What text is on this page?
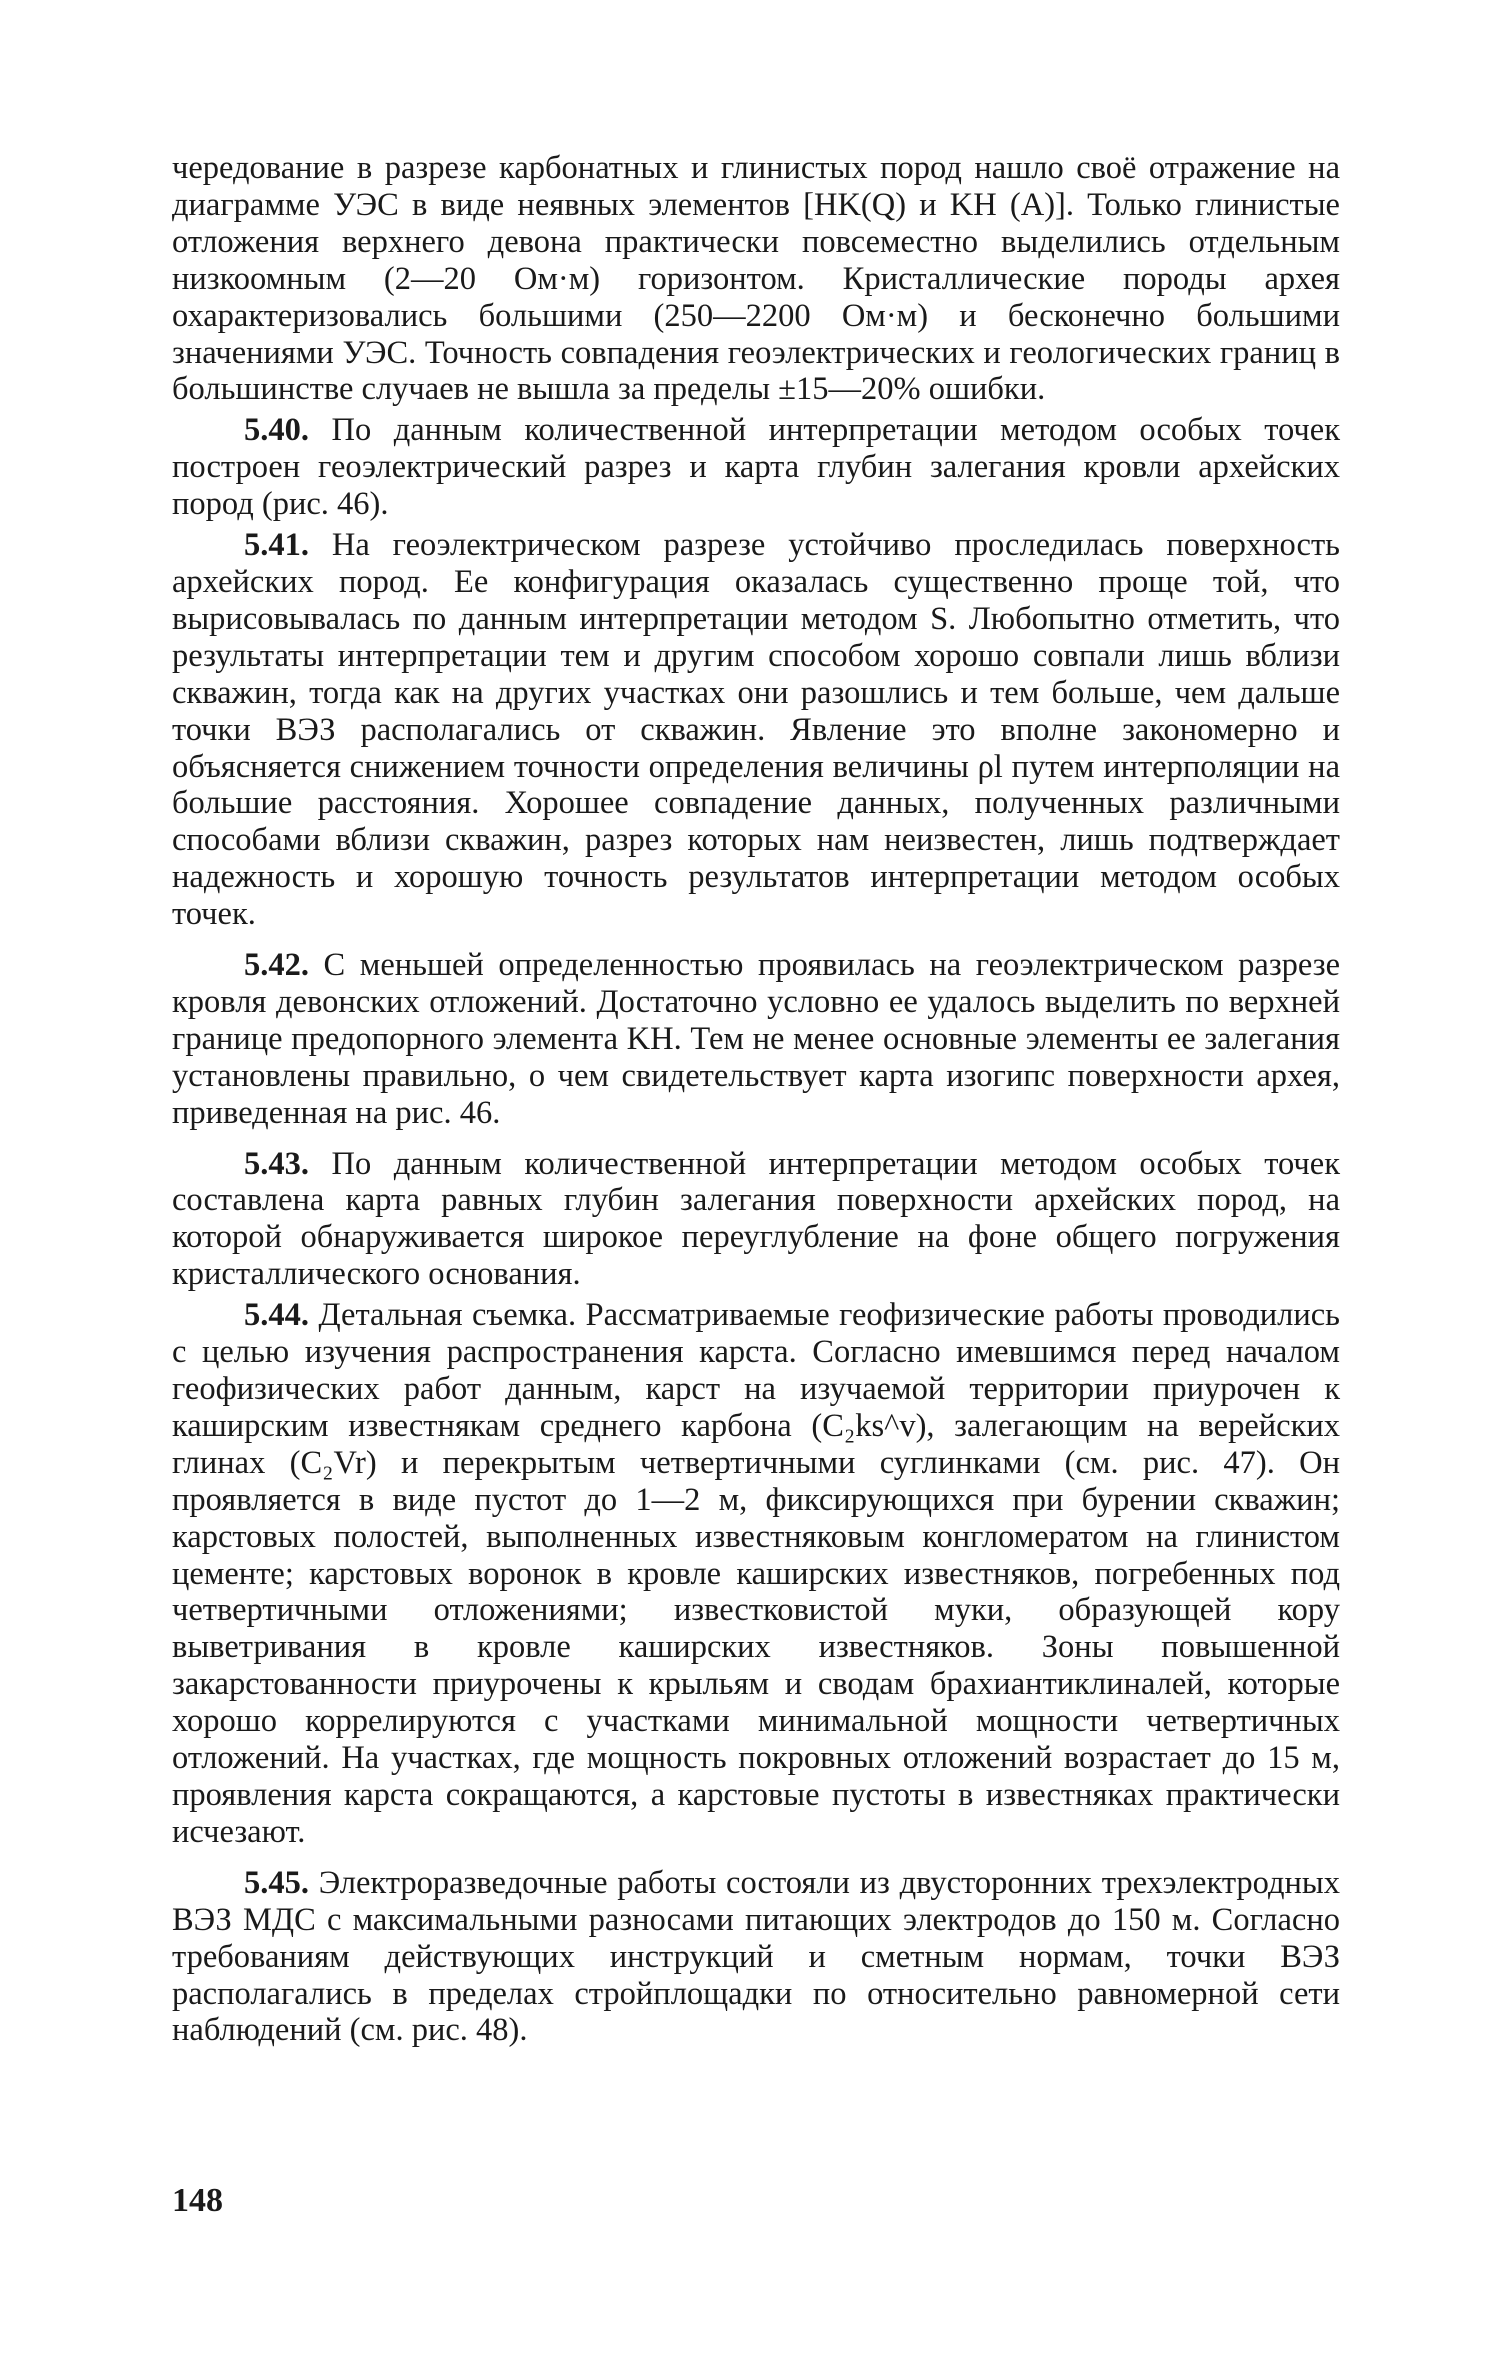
чередование в разрезе карбонатных и глинистых пород нашло своё отражение на диаграмме УЭС в виде неявных элементов [HK(Q) и KH (A)]. Только глинистые отложения верхнего девона практически повсеместно выделились отдельным низкоомным (2—20 Ом·м) горизонтом. Кристаллические породы архея охарактеризовались большими (250—2200 Ом·м) и бесконечно большими значениями УЭС. Точность совпадения геоэлектрических и геологических границ в большинстве случаев не вышла за пределы ±15—20% ошибки.

5.40. По данным количественной интерпретации методом особых точек построен геоэлектрический разрез и карта глубин залегания кровли архейских пород (рис. 46).

5.41. На геоэлектрическом разрезе устойчиво проследилась поверхность архейских пород. Ее конфигурация оказалась существенно проще той, что вырисовывалась по данным интерпретации методом S. Любопытно отметить, что результаты интерпретации тем и другим способом хорошо совпали лишь вблизи скважин, тогда как на других участках они разошлись и тем больше, чем дальше точки ВЭЗ располагались от скважин. Явление это вполне закономерно и объясняется снижением точности определения величины ρl путем интерполяции на большие расстояния. Хорошее совпадение данных, полученных различными способами вблизи скважин, разрез которых нам неизвестен, лишь подтверждает надежность и хорошую точность результатов интерпретации методом особых точек.

5.42. С меньшей определенностью проявилась на геоэлектрическом разрезе кровля девонских отложений. Достаточно условно ее удалось выделить по верхней границе предопорного элемента KH. Тем не менее основные элементы ее залегания установлены правильно, о чем свидетельствует карта изогипс поверхности архея, приведенная на рис. 46.

5.43. По данным количественной интерпретации методом особых точек составлена карта равных глубин залегания поверхности архейских пород, на которой обнаруживается широкое переуглубление на фоне общего погружения кристаллического основания.

5.44. Детальная съемка. Рассматриваемые геофизические работы проводились с целью изучения распространения карста. Согласно имевшимся перед началом геофизических работ данным, карст на изучаемой территории приурочен к каширским известнякам среднего карбона (C₂ks^v), залегающим на верейских глинах (C₂Vr) и перекрытым четвертичными суглинками (см. рис. 47). Он проявляется в виде пустот до 1—2 м, фиксирующихся при бурении скважин; карстовых полостей, выполненных известняковым конгломератом на глинистом цементе; карстовых воронок в кровле каширских известняков, погребенных под четвертичными отложениями; известковистой муки, образующей кору выветривания в кровле каширских известняков. Зоны повышенной закарстованности приурочены к крыльям и сводам брахиантиклиналей, которые хорошо коррелируются с участками минимальной мощности четвертичных отложений. На участках, где мощность покровных отложений возрастает до 15 м, проявления карста сокращаются, а карстовые пустоты в известняках практически исчезают.

5.45. Электроразведочные работы состояли из двусторонних трехэлектродных ВЭЗ МДС с максимальными разносами питающих электродов до 150 м. Согласно требованиям действующих инструкций и сметным нормам, точки ВЭЗ располагались в пределах стройплощадки по относительно равномерной сети наблюдений (см. рис. 48).

148
